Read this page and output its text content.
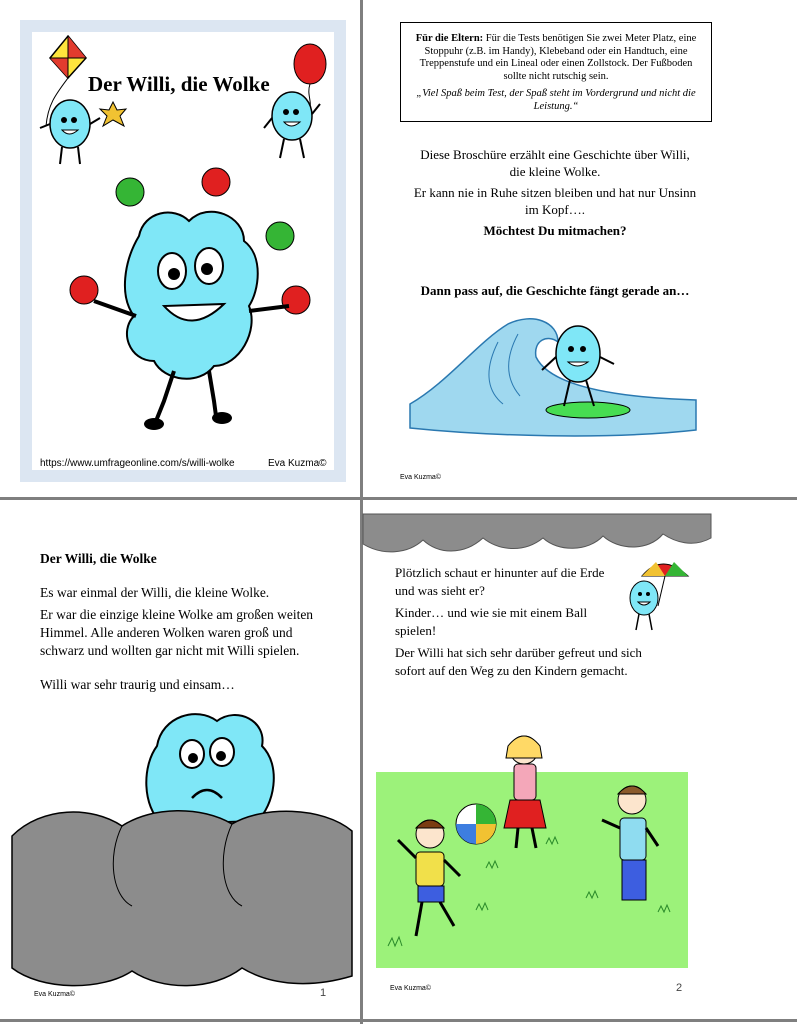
Der Willi, die Wolke
https://www.umfrageonline.com/s/willi-wolke	Eva Kuzma©
Für die Eltern: Für die Tests benötigen Sie zwei Meter Platz, eine Stoppuhr (z.B. im Handy), Klebeband oder ein Handtuch, eine Treppenstufe und ein Lineal oder einen Zollstock. Der Fußboden sollte nicht rutschig sein.
„Viel Spaß beim Test, der Spaß steht im Vordergrund und nicht die Leistung.“
Diese Broschüre erzählt eine Geschichte über Willi,
die kleine Wolke.
Er kann nie in Ruhe sitzen bleiben und hat nur Unsinn
im Kopf….
Möchtest Du mitmachen?
Dann pass auf, die Geschichte fängt gerade an…
Eva Kuzma©
Der Willi, die Wolke
Es war einmal der Willi, die kleine Wolke.
Er war die einzige kleine Wolke am großen weiten
Himmel. Alle anderen Wolken waren groß und
schwarz und wollten gar nicht mit Willi spielen.
Willi war sehr traurig und einsam…
Eva Kuzma©	1
Plötzlich schaut er hinunter auf die Erde
und was sieht er?
Kinder… und wie sie mit einem Ball
spielen!
Der Willi hat sich sehr darüber gefreut und sich
sofort auf den Weg zu den Kindern gemacht.
Eva Kuzma©	2
